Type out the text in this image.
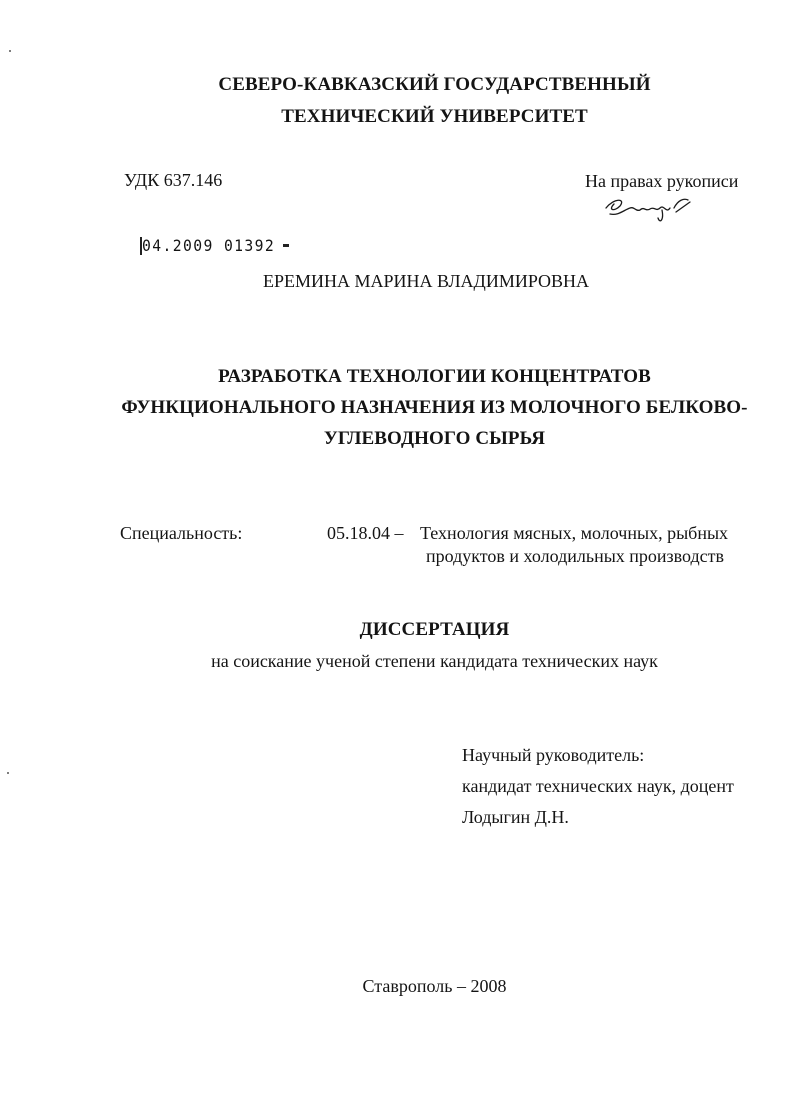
СЕВЕРО-КАВКАЗСКИЙ ГОСУДАРСТВЕННЫЙ
ТЕХНИЧЕСКИЙ УНИВЕРСИТЕТ
УДК 637.146	На правах рукописи
04.2009 01392
ЕРЕМИНА МАРИНА ВЛАДИМИРОВНА
РАЗРАБОТКА ТЕХНОЛОГИИ КОНЦЕНТРАТОВ
ФУНКЦИОНАЛЬНОГО НАЗНАЧЕНИЯ ИЗ МОЛОЧНОГО БЕЛКОВО-
УГЛЕВОДНОГО СЫРЬЯ
Специальность:	05.18.04 – Технология мясных, молочных, рыбных
продуктов и холодильных производств
ДИССЕРТАЦИЯ
на соискание ученой степени кандидата технических наук
Научный руководитель:
кандидат технических наук, доцент
Лодыгин Д.Н.
Ставрополь – 2008
